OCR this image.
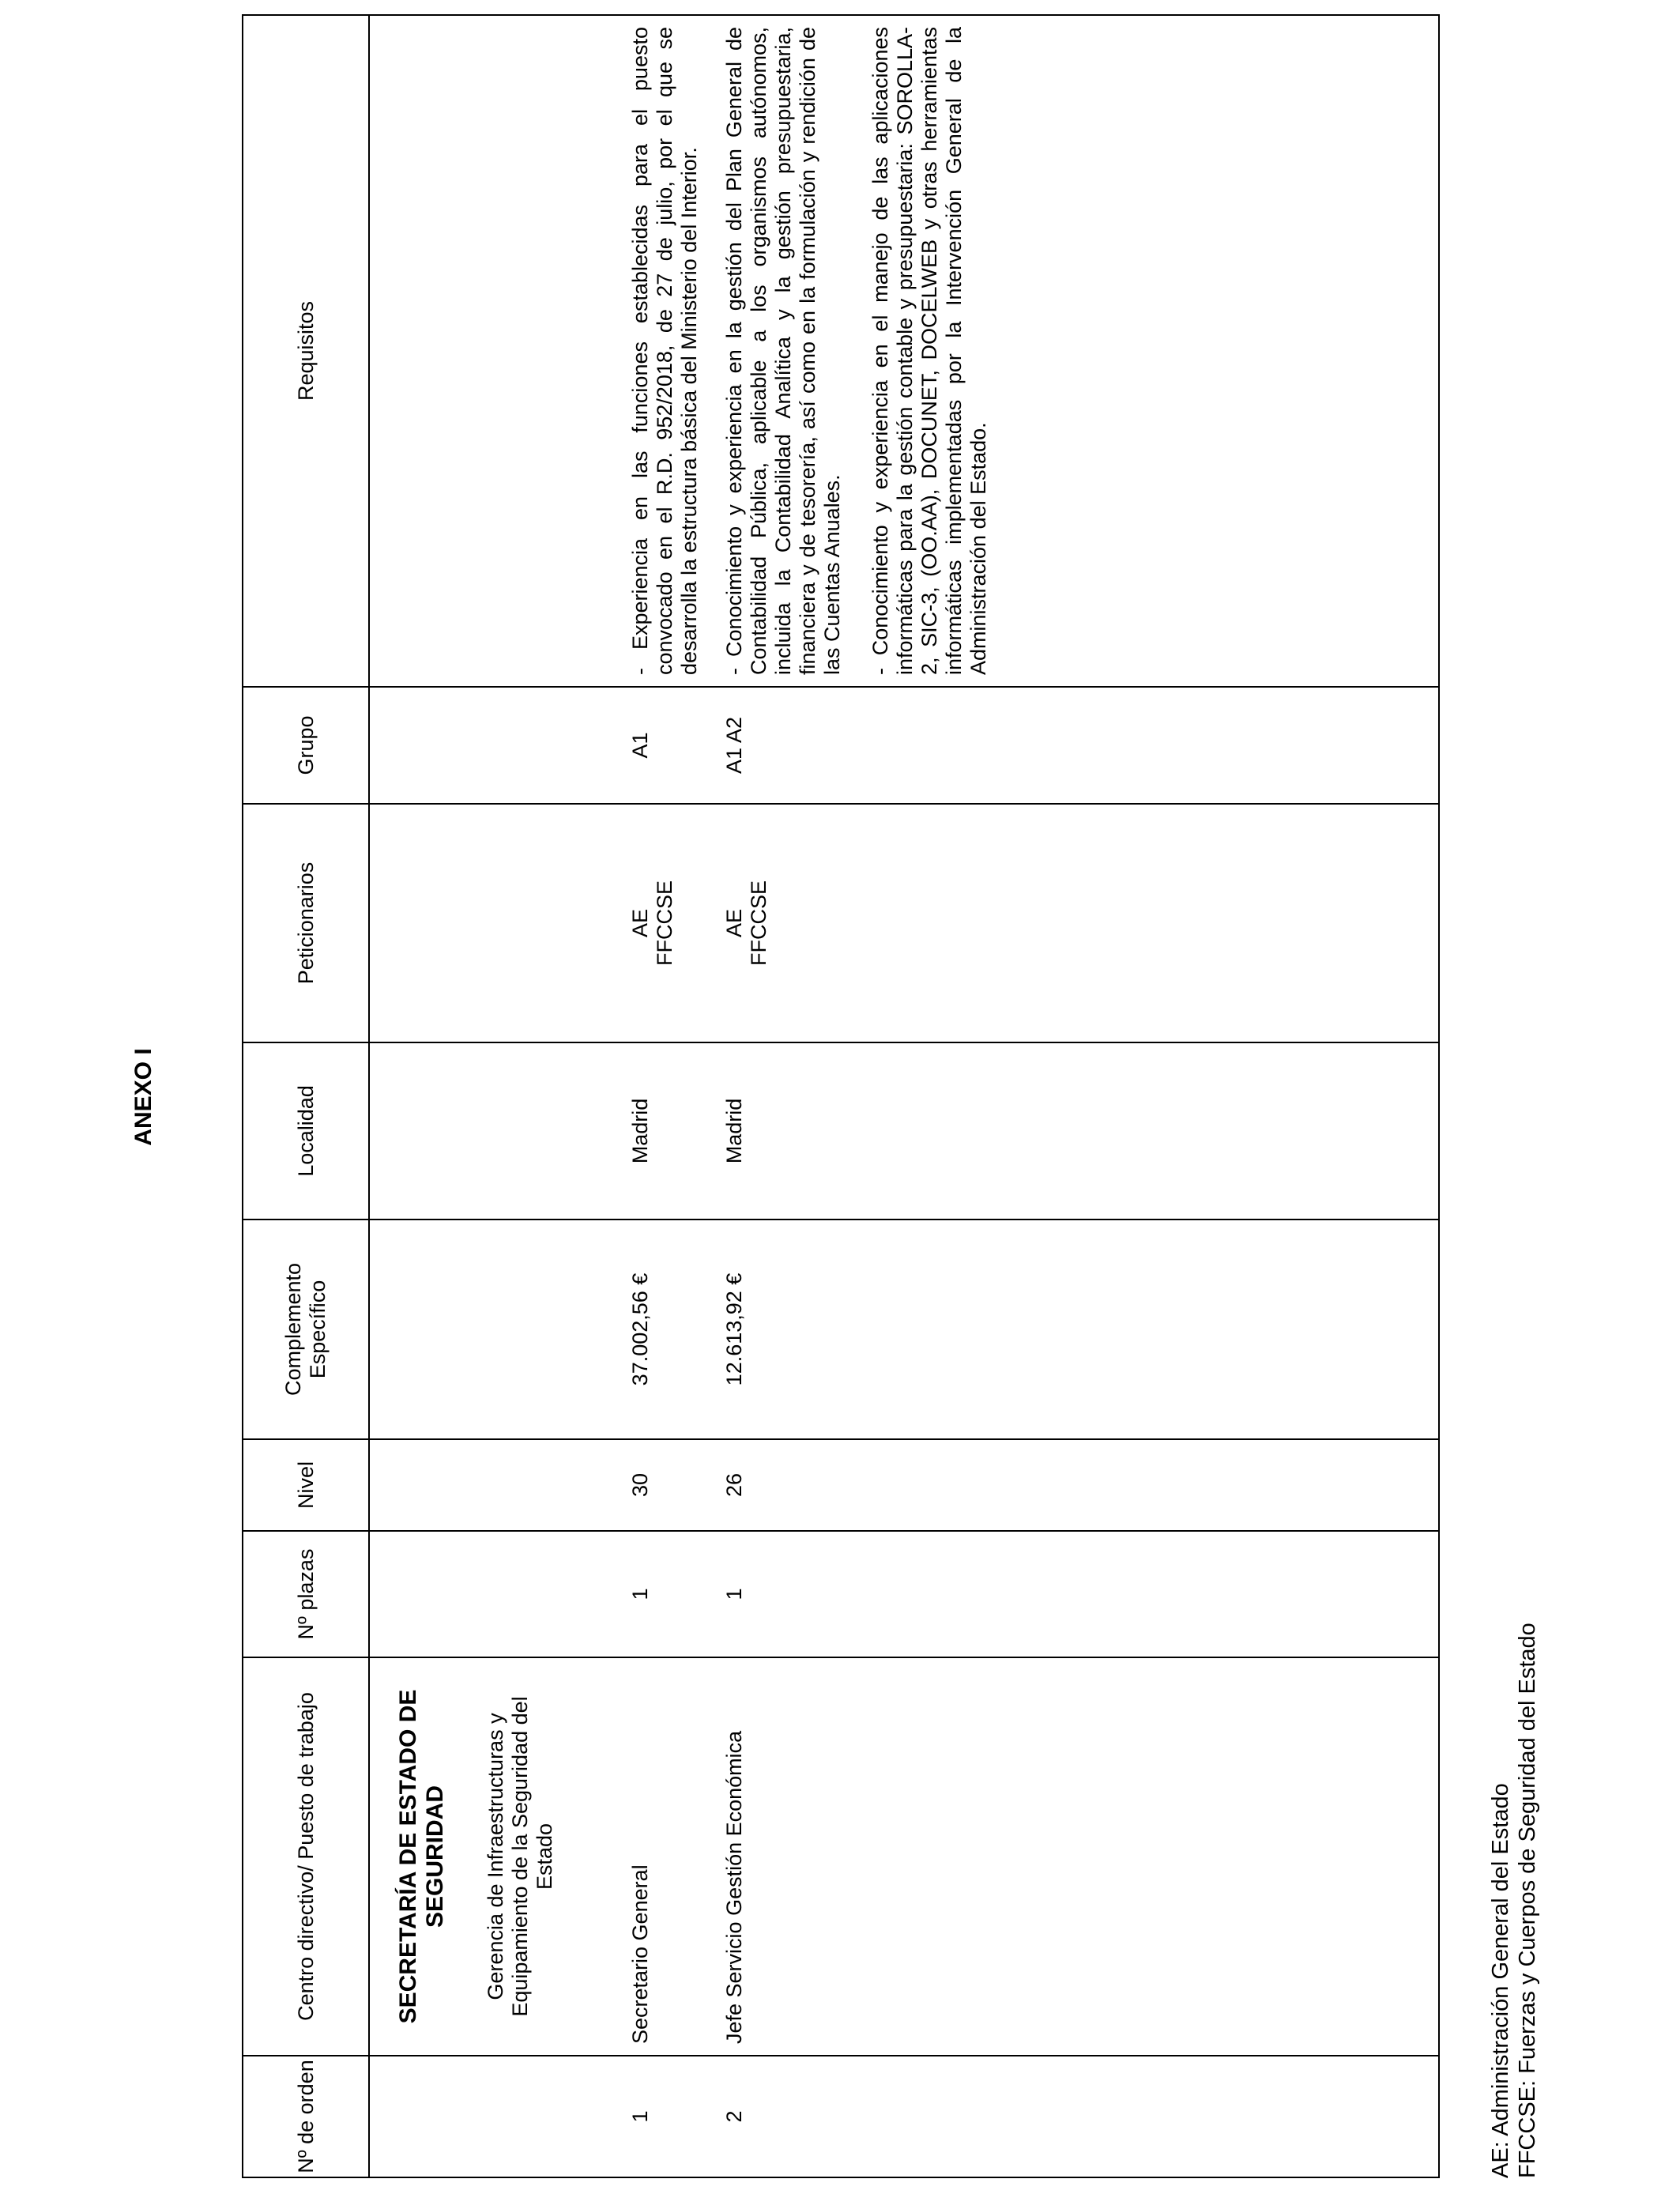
ANEXO I
Nº de orden	Centro directivo/ Puesto de trabajo	Nº plazas	Nivel	Complemento Específico	Localidad	Peticionarios	Grupo	Requisitos

	SECRETARÍA DE ESTADO DE SEGURIDAD Gerencia de Infraestructuras y Equipamiento de la Seguridad del Estado							

1	Secretario General	1	30	37.002,56 €	Madrid	AE FFCCSE	A1	- Experiencia en las funciones establecidas para el puesto convocado en el R.D. 952/2018, de 27 de julio, por el que se desarrolla la estructura básica del Ministerio del Interior.

2	Jefe Servicio Gestión Económica	1	26	12.613,92 €	Madrid	AE FFCCSE	A1 A2	- Conocimiento y experiencia en la gestión del Plan General de Contabilidad Pública, aplicable a los organismos autónomos, incluida la Contabilidad Analítica y la gestión presupuestaria, financiera y de tesorería, así como en la formulación y rendición de las Cuentas Anuales. - Conocimiento y experiencia en el manejo de las aplicaciones informáticas para la gestión contable y presupuestaria: SOROLLA-2, SIC-3, (OO.AA), DOCUNET, DOCELWEB y otras herramientas informáticas implementadas por la Intervención General de la Administración del Estado.
AE: Administración General del Estado FFCCSE: Fuerzas y Cuerpos de Seguridad del Estado
